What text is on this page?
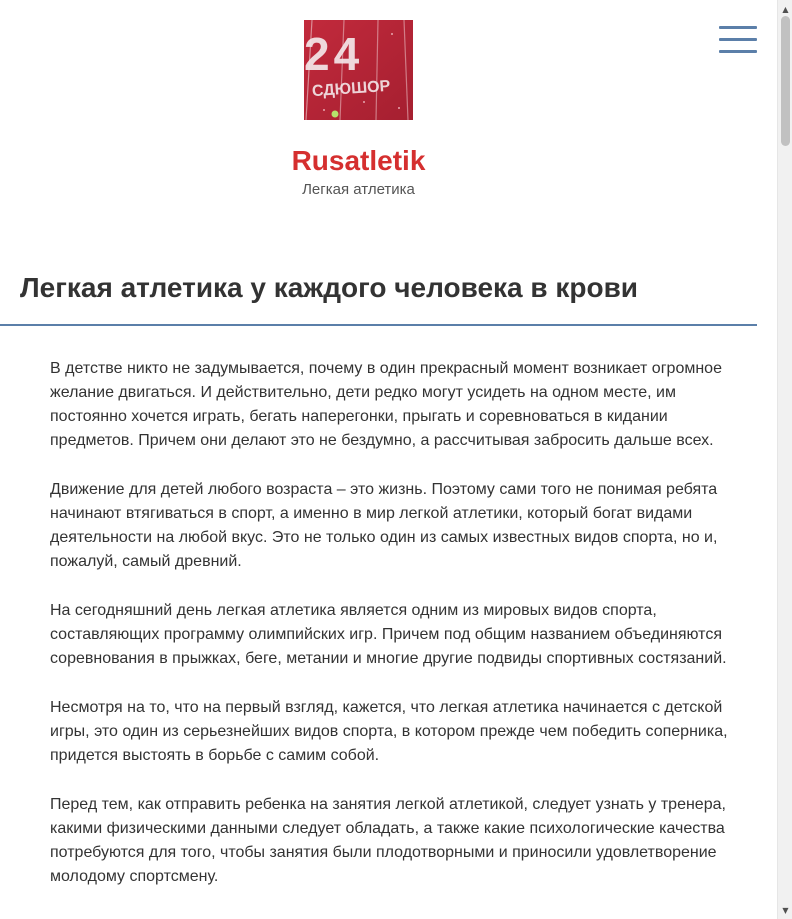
24
СДЮШОР
Rusatletik
Легкая атлетика
Легкая атлетика у каждого человека в крови

В детстве никто не задумывается, почему в один прекрасный момент возникает огромное желание двигаться. И действительно, дети редко могут усидеть на одном месте, им постоянно хочется играть, бегать наперегонки, прыгать и соревноваться в кидании предметов. Причем они делают это не бездумно, а рассчитывая забросить дальше всех.

Движение для детей любого возраста – это жизнь. Поэтому сами того не понимая ребята начинают втягиваться в спорт, а именно в мир легкой атлетики, который богат видами деятельности на любой вкус. Это не только один из самых известных видов спорта, но и, пожалуй, самый древний.

На сегодняшний день легкая атлетика является одним из мировых видов спорта, составляющих программу олимпийских игр. Причем под общим названием объединяются соревнования в прыжках, беге, метании и многие другие подвиды спортивных состязаний.

Несмотря на то, что на первый взгляд, кажется, что легкая атлетика начинается с детской игры, это один из серьезнейших видов спорта, в котором прежде чем победить соперника, придется выстоять в борьбе с самим собой.

Перед тем, как отправить ребенка на занятия легкой атлетикой, следует узнать у тренера, какими физическими данными следует обладать, а также какие психологические качества потребуются для того, чтобы занятия были плодотворными и приносили удовлетворение молодому спортсмену.

▲
▼
